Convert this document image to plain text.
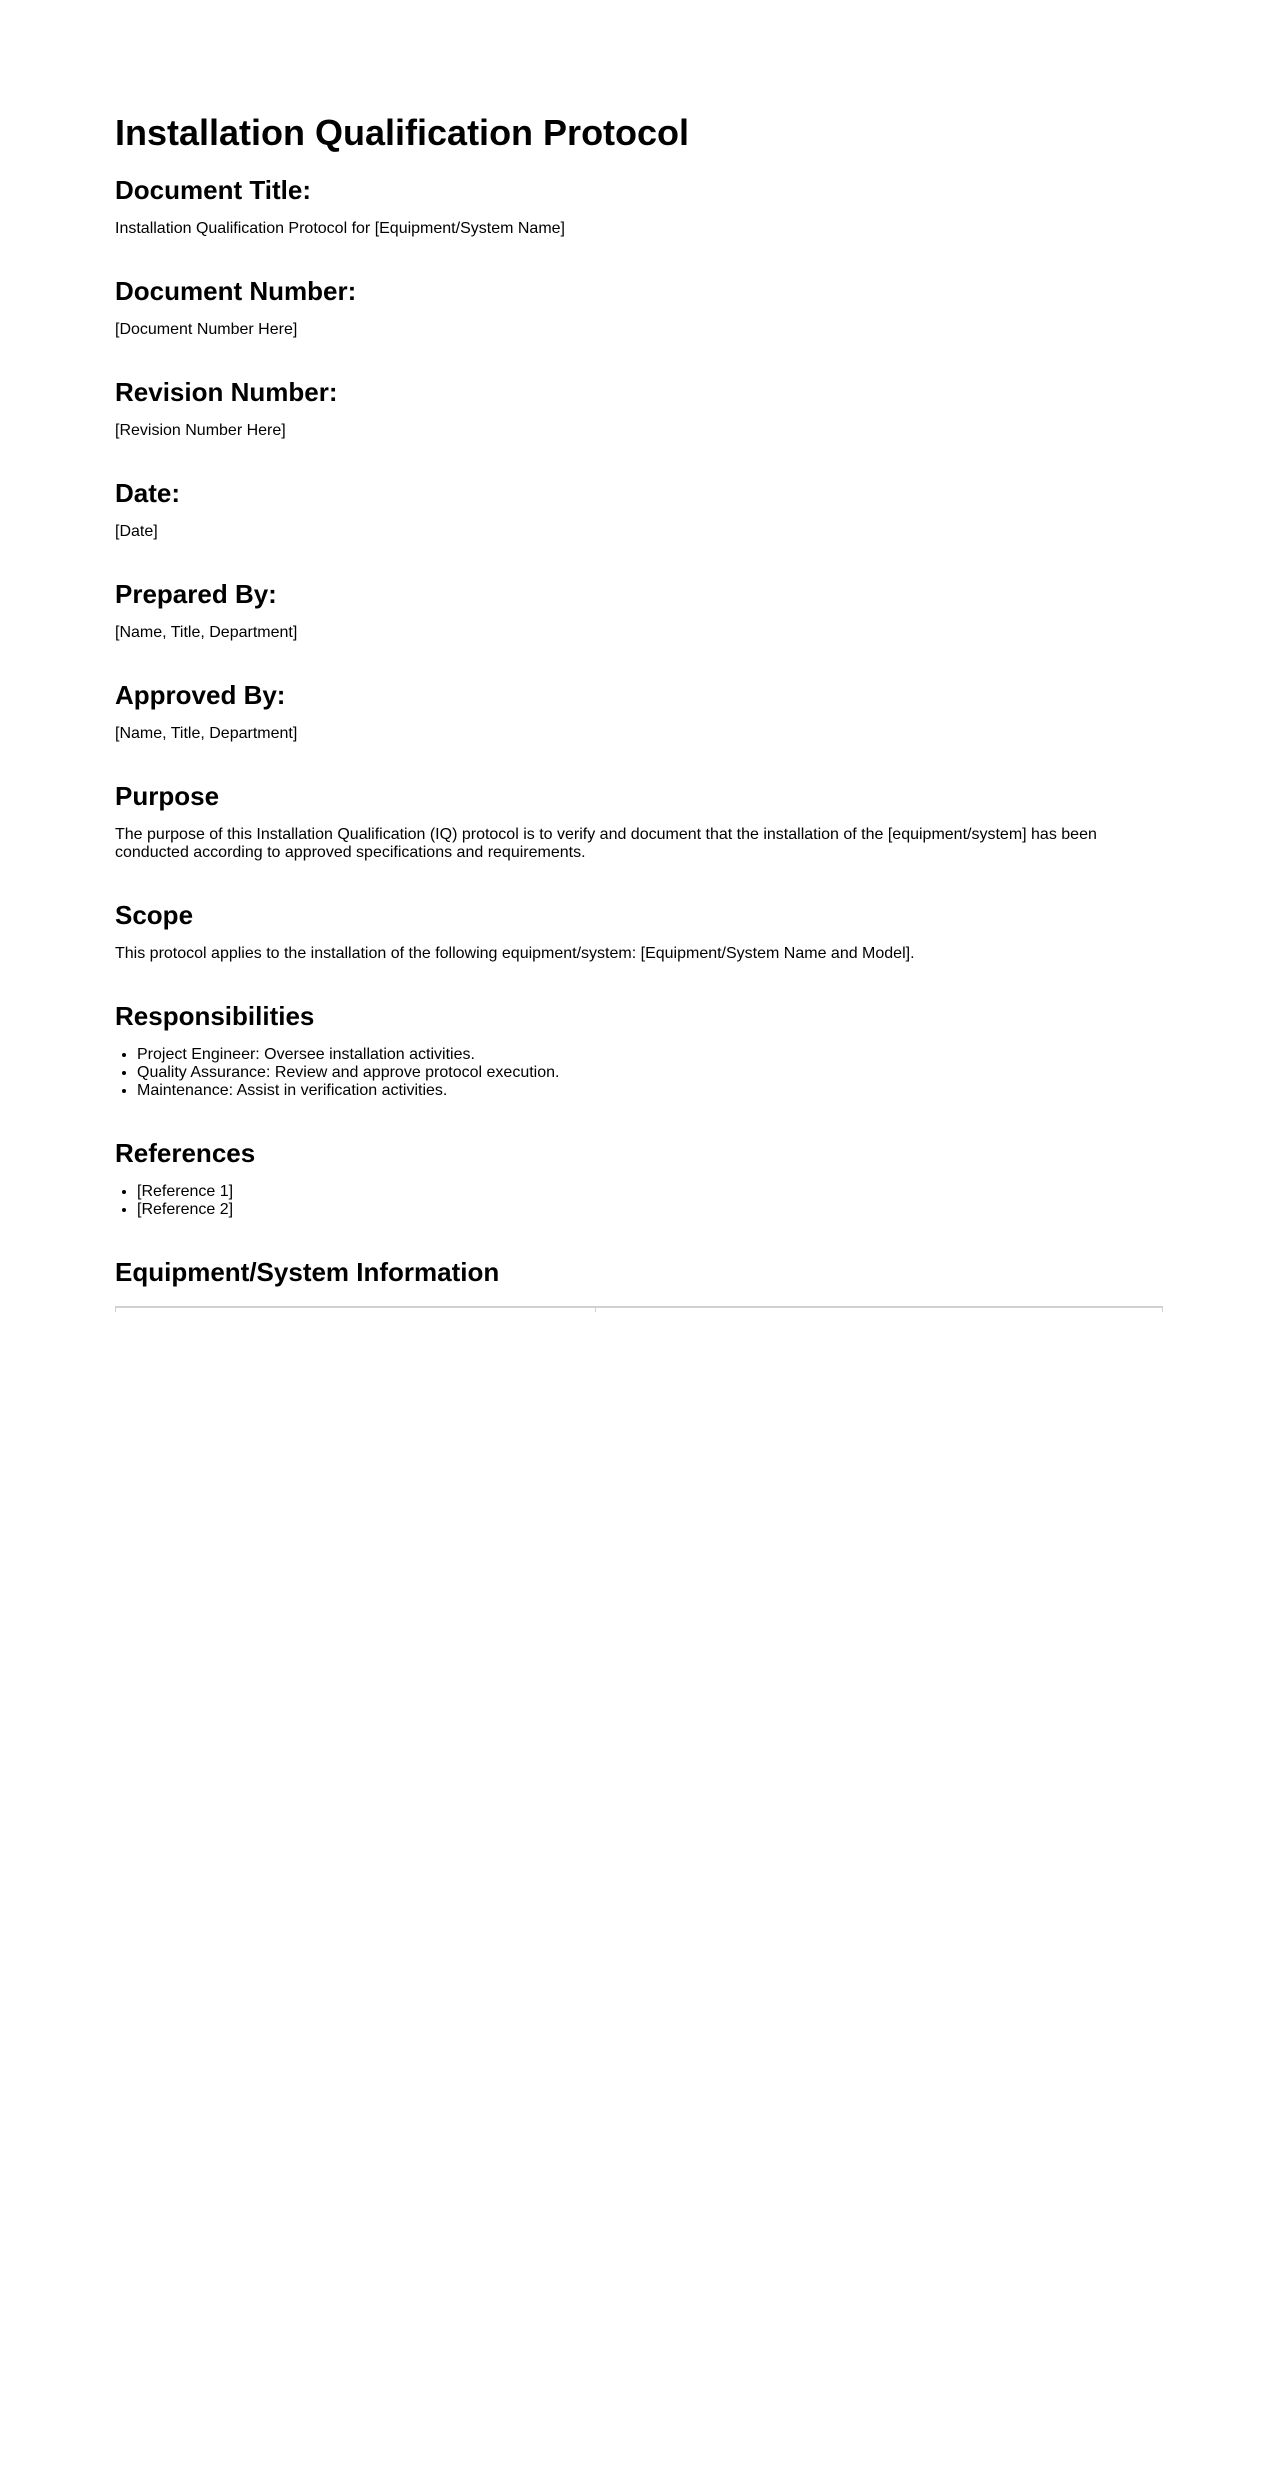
Installation Qualification Protocol
Document Title:

Installation Qualification Protocol for [Equipment/System Name]

Document Number:

[Document Number Here]

Revision Number:

[Revision Number Here]

Date:

[Date]

Prepared By:

[Name, Title, Department]

Approved By:

[Name, Title, Department]

Purpose

The purpose of this Installation Qualification (IQ) protocol is to verify and document that the installation of the [equipment/system] has been conducted according to approved specifications and requirements.

Scope

This protocol applies to the installation of the following equipment/system: [Equipment/System Name and Model].

Responsibilities
• Project Engineer: Oversee installation activities.
• Quality Assurance: Review and approve protocol execution.
• Maintenance: Assist in verification activities.
References
• [Reference 1]
• [Reference 2]
Equipment/System Information
